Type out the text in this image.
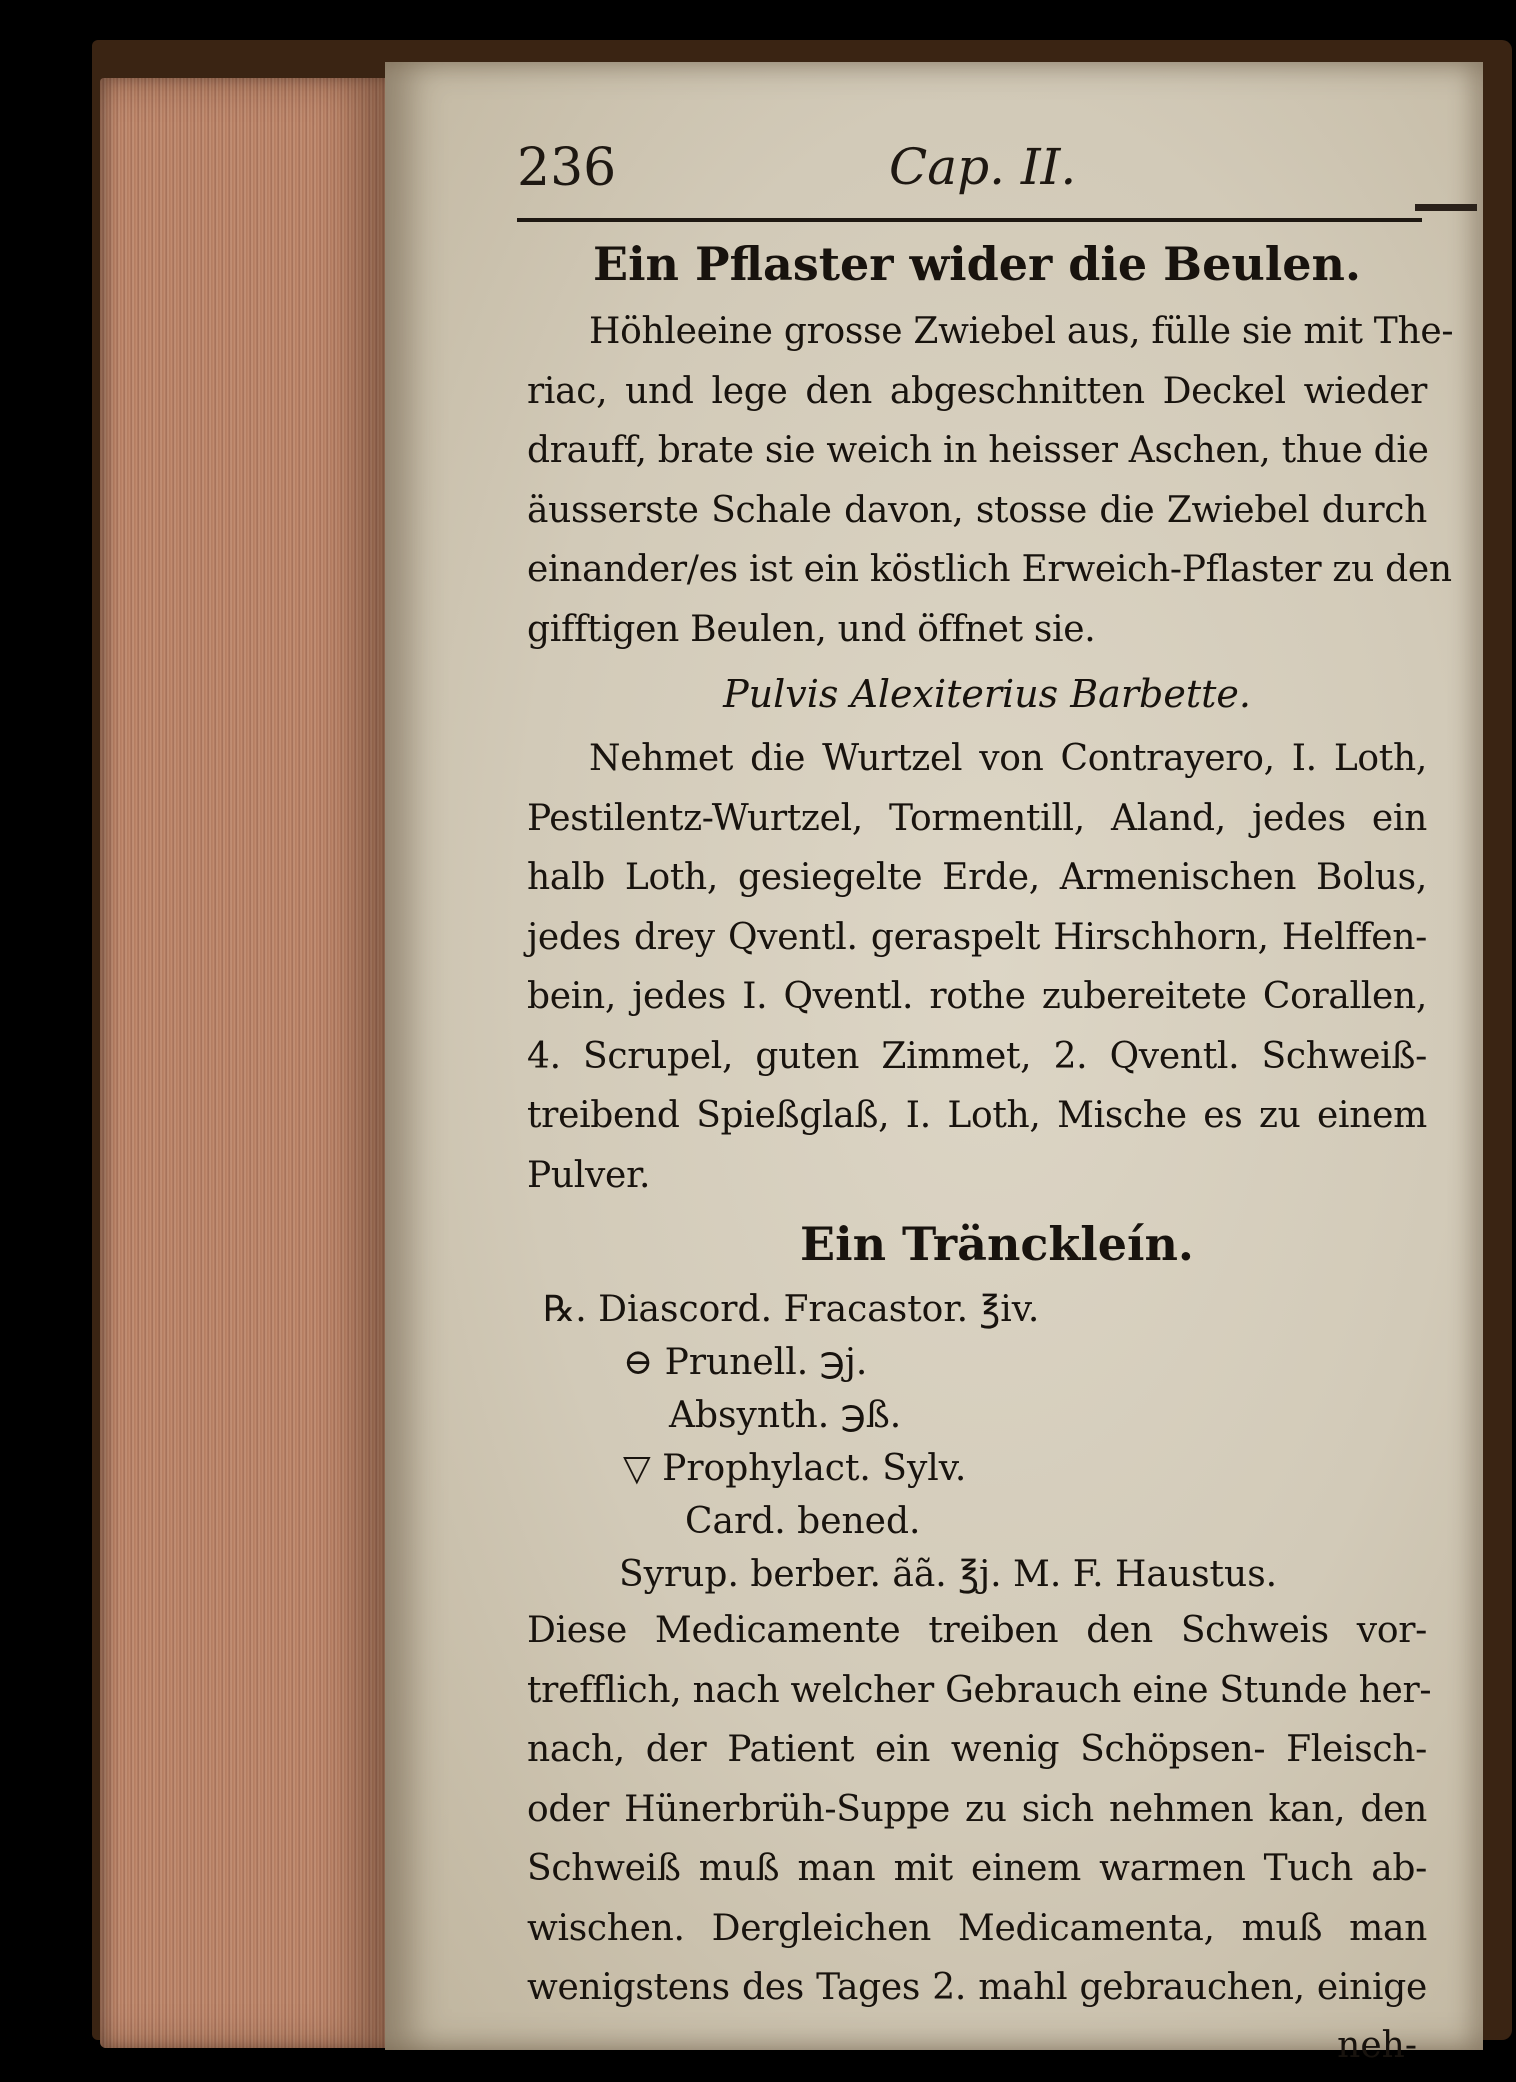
236	Cap. II.
Ein Pflaster wider die Beulen.
Höhleeine grosse Zwiebel aus, fülle sie mit The-
riac, und lege den abgeschnitten Deckel wieder
drauff, brate sie weich in heisser Aschen, thue die
äusserste Schale davon, stosse die Zwiebel durch
einander/es ist ein köstlich Erweich-Pflaster zu den
gifftigen Beulen, und öffnet sie.
Pulvis Alexiterius Barbette.
Nehmet die Wurtzel von Contrayero, I. Loth,
Pestilentz-Wurtzel, Tormentill, Aland, jedes ein
halb Loth, gesiegelte Erde, Armenischen Bolus,
jedes drey Qventl. geraspelt Hirschhorn, Helffen-
bein, jedes I. Qventl. rothe zubereitete Corallen,
4. Scrupel, guten Zimmet, 2. Qventl. Schweiß-
treibend Spießglaß, I. Loth, Mische es zu einem
Pulver.
Ein Tränckleín.
℞. Diascord. Fracastor. ℥iv.
⊖ Prunell. ℈j.
Absynth. ℈ß.
▽ Prophylact. Sylv.
Card. bened.
Syrup. berber. ãã. ℥j. M. F. Haustus.
Diese Medicamente treiben den Schweis vor-
trefflich, nach welcher Gebrauch eine Stunde her-
nach, der Patient ein wenig Schöpsen- Fleisch-
oder Hünerbrüh-Suppe zu sich nehmen kan, den
Schweiß muß man mit einem warmen Tuch ab-
wischen. Dergleichen Medicamenta, muß man
wenigstens des Tages 2. mahl gebrauchen, einige
neh-
